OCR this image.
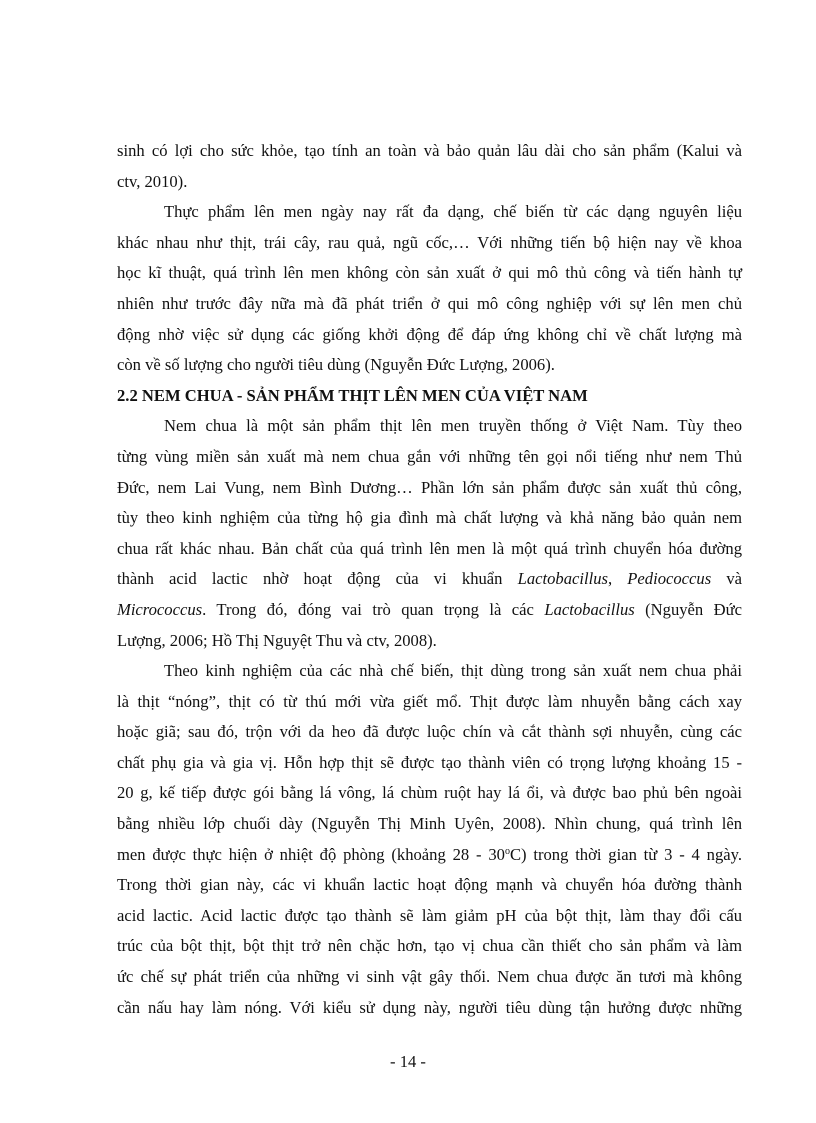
sinh có lợi cho sức khỏe, tạo tính an toàn và bảo quản lâu dài cho sản phẩm (Kalui và
ctv, 2010).
Thực phẩm lên men ngày nay rất đa dạng, chế biến từ các dạng nguyên liệu
khác nhau như thịt, trái cây, rau quả, ngũ cốc,… Với những tiến bộ hiện nay về khoa
học kĩ thuật, quá trình lên men không còn sản xuất ở qui mô thủ công và tiến hành tự
nhiên như trước đây nữa mà đã phát triển ở qui mô công nghiệp với sự lên men chủ
động nhờ việc sử dụng các giống khởi động để đáp ứng không chỉ về chất lượng mà
còn về số lượng cho người tiêu dùng (Nguyễn Đức Lượng, 2006).
2.2 NEM CHUA - SẢN PHẨM THỊT LÊN MEN CỦA VIỆT NAM
Nem chua là một sản phẩm thịt lên men truyền thống ở Việt Nam. Tùy theo
từng vùng miền sản xuất mà nem chua gắn với những tên gọi nổi tiếng như nem Thủ
Đức, nem Lai Vung, nem Bình Dương… Phần lớn sản phẩm được sản xuất thủ công,
tùy theo kinh nghiệm của từng hộ gia đình mà chất lượng và khả năng bảo quản nem
chua rất khác nhau. Bản chất của quá trình lên men là một quá trình chuyển hóa đường
thành acid lactic nhờ hoạt động của vi khuẩn Lactobacillus, Pediococcus và
Micrococcus. Trong đó, đóng vai trò quan trọng là các Lactobacillus (Nguyễn Đức
Lượng, 2006; Hồ Thị Nguyệt Thu và ctv, 2008).
Theo kinh nghiệm của các nhà chế biến, thịt dùng trong sản xuất nem chua phải
là thịt “nóng”, thịt có từ thú mới vừa giết mổ. Thịt được làm nhuyễn bằng cách xay
hoặc giã; sau đó, trộn với da heo đã được luộc chín và cắt thành sợi nhuyễn, cùng các
chất phụ gia và gia vị. Hỗn hợp thịt sẽ được tạo thành viên có trọng lượng khoảng 15 -
20 g, kế tiếp được gói bằng lá vông, lá chùm ruột hay lá ổi, và được bao phủ bên ngoài
bằng nhiều lớp chuối dày (Nguyễn Thị Minh Uyên, 2008). Nhìn chung, quá trình lên
men được thực hiện ở nhiệt độ phòng (khoảng 28 - 30$^o$C) trong thời gian từ 3 - 4 ngày.
Trong thời gian này, các vi khuẩn lactic hoạt động mạnh và chuyển hóa đường thành
acid lactic. Acid lactic được tạo thành sẽ làm giảm pH của bột thịt, làm thay đổi cấu
trúc của bột thịt, bột thịt trở nên chặc hơn, tạo vị chua cần thiết cho sản phẩm và làm
ức chế sự phát triển của những vi sinh vật gây thối. Nem chua được ăn tươi mà không
cần nấu hay làm nóng. Với kiểu sử dụng này, người tiêu dùng tận hưởng được những
- 14 -
